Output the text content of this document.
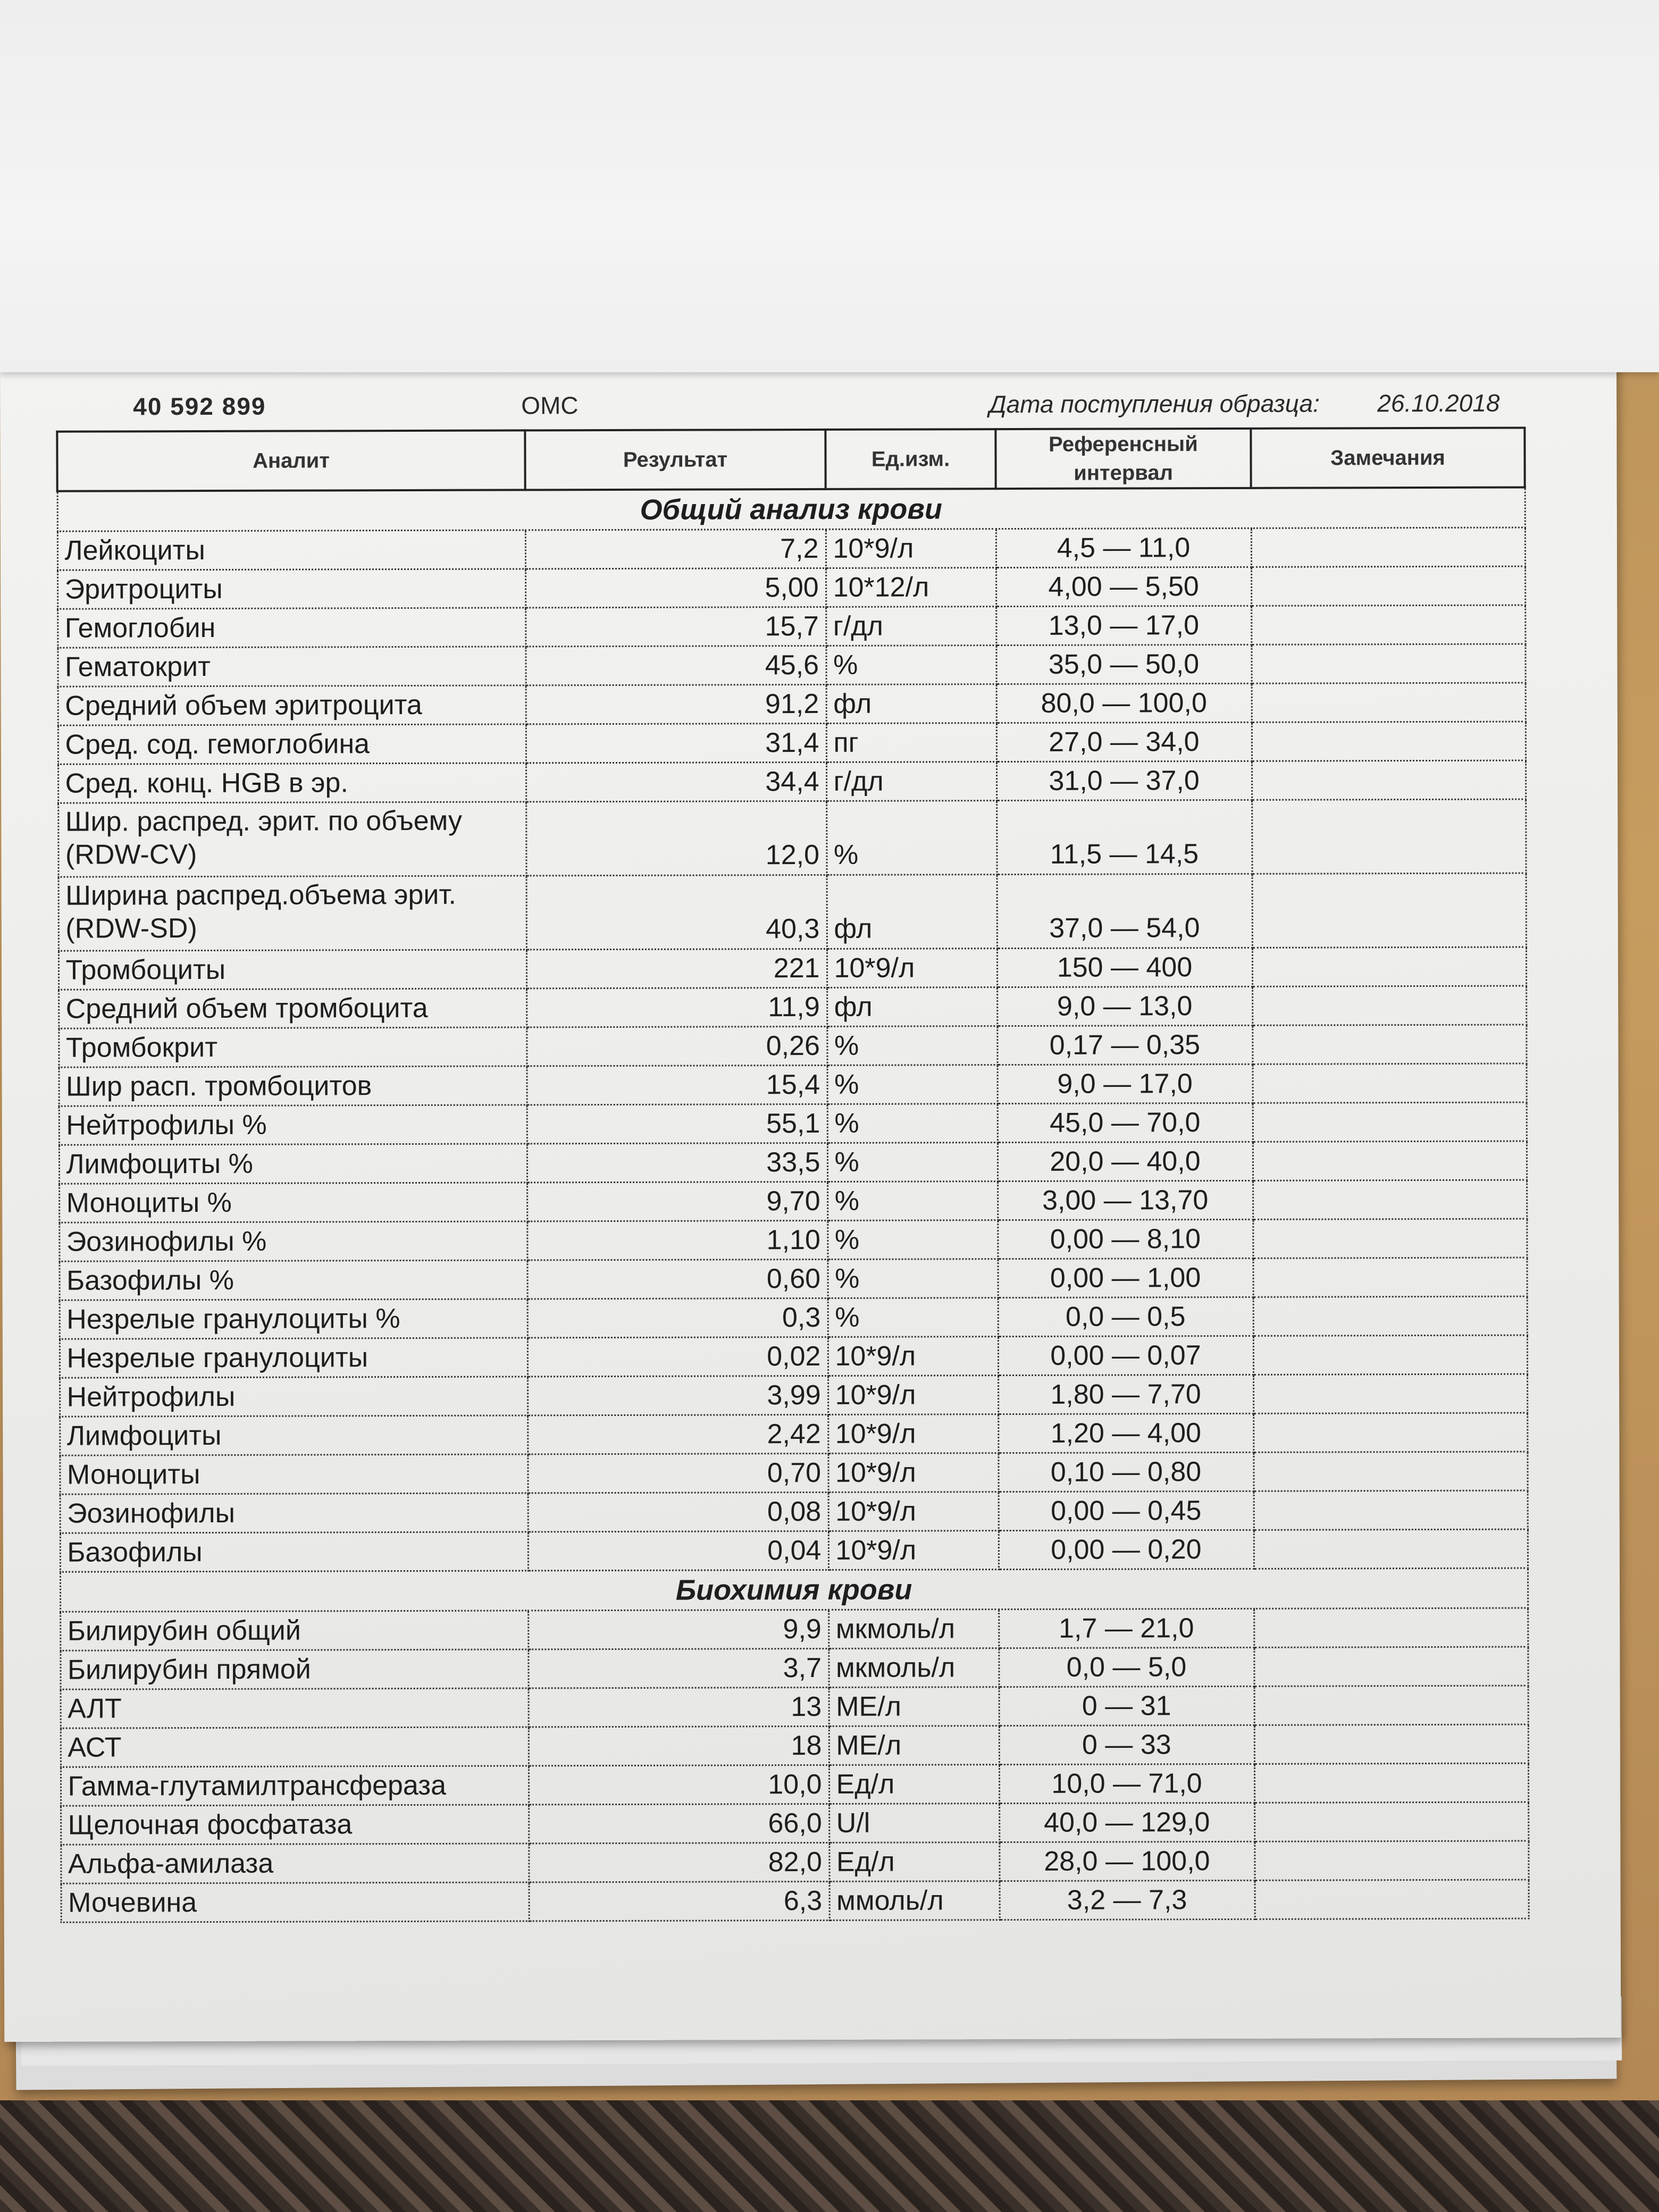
40 592 899	ОМС	Дата поступления образца: 26.10.2018
Аналит	Результат	Ед.изм.	Референсный интервал	Замечания
Общий анализ крови				
Лейкоциты	7,2	10*9/л	4,5 — 11,0	
Эритроциты	5,00	10*12/л	4,00 — 5,50	
Гемоглобин	15,7	г/дл	13,0 — 17,0	
Гематокрит	45,6	%	35,0 — 50,0	
Средний объем эритроцита	91,2	фл	80,0 — 100,0	
Сред. сод. гемоглобина	31,4	пг	27,0 — 34,0	
Сред. конц. HGB в эр.	34,4	г/дл	31,0 — 37,0	
Шир. распред. эрит. по объему (RDW-CV)	12,0	%	11,5 — 14,5	
Ширина распред.объема эрит. (RDW-SD)	40,3	фл	37,0 — 54,0	
Тромбоциты	221	10*9/л	150 — 400	
Средний объем тромбоцита	11,9	фл	9,0 — 13,0	
Тромбокрит	0,26	%	0,17 — 0,35	
Шир расп. тромбоцитов	15,4	%	9,0 — 17,0	
Нейтрофилы %	55,1	%	45,0 — 70,0	
Лимфоциты %	33,5	%	20,0 — 40,0	
Моноциты %	9,70	%	3,00 — 13,70	
Эозинофилы %	1,10	%	0,00 — 8,10	
Базофилы %	0,60	%	0,00 — 1,00	
Незрелые гранулоциты %	0,3	%	0,0 — 0,5	
Незрелые гранулоциты	0,02	10*9/л	0,00 — 0,07	
Нейтрофилы	3,99	10*9/л	1,80 — 7,70	
Лимфоциты	2,42	10*9/л	1,20 — 4,00	
Моноциты	0,70	10*9/л	0,10 — 0,80	
Эозинофилы	0,08	10*9/л	0,00 — 0,45	
Базофилы	0,04	10*9/л	0,00 — 0,20	
Биохимия крови				
Билирубин общий	9,9	мкмоль/л	1,7 — 21,0	
Билирубин прямой	3,7	мкмоль/л	0,0 — 5,0	
АЛТ	13	МЕ/л	0 — 31	
АСТ	18	МЕ/л	0 — 33	
Гамма-глутамилтрансфераза	10,0	Ед/л	10,0 — 71,0	
Щелочная фосфатаза	66,0	U/l	40,0 — 129,0	
Альфа-амилаза	82,0	Ед/л	28,0 — 100,0	
Мочевина	6,3	ммоль/л	3,2 — 7,3	
